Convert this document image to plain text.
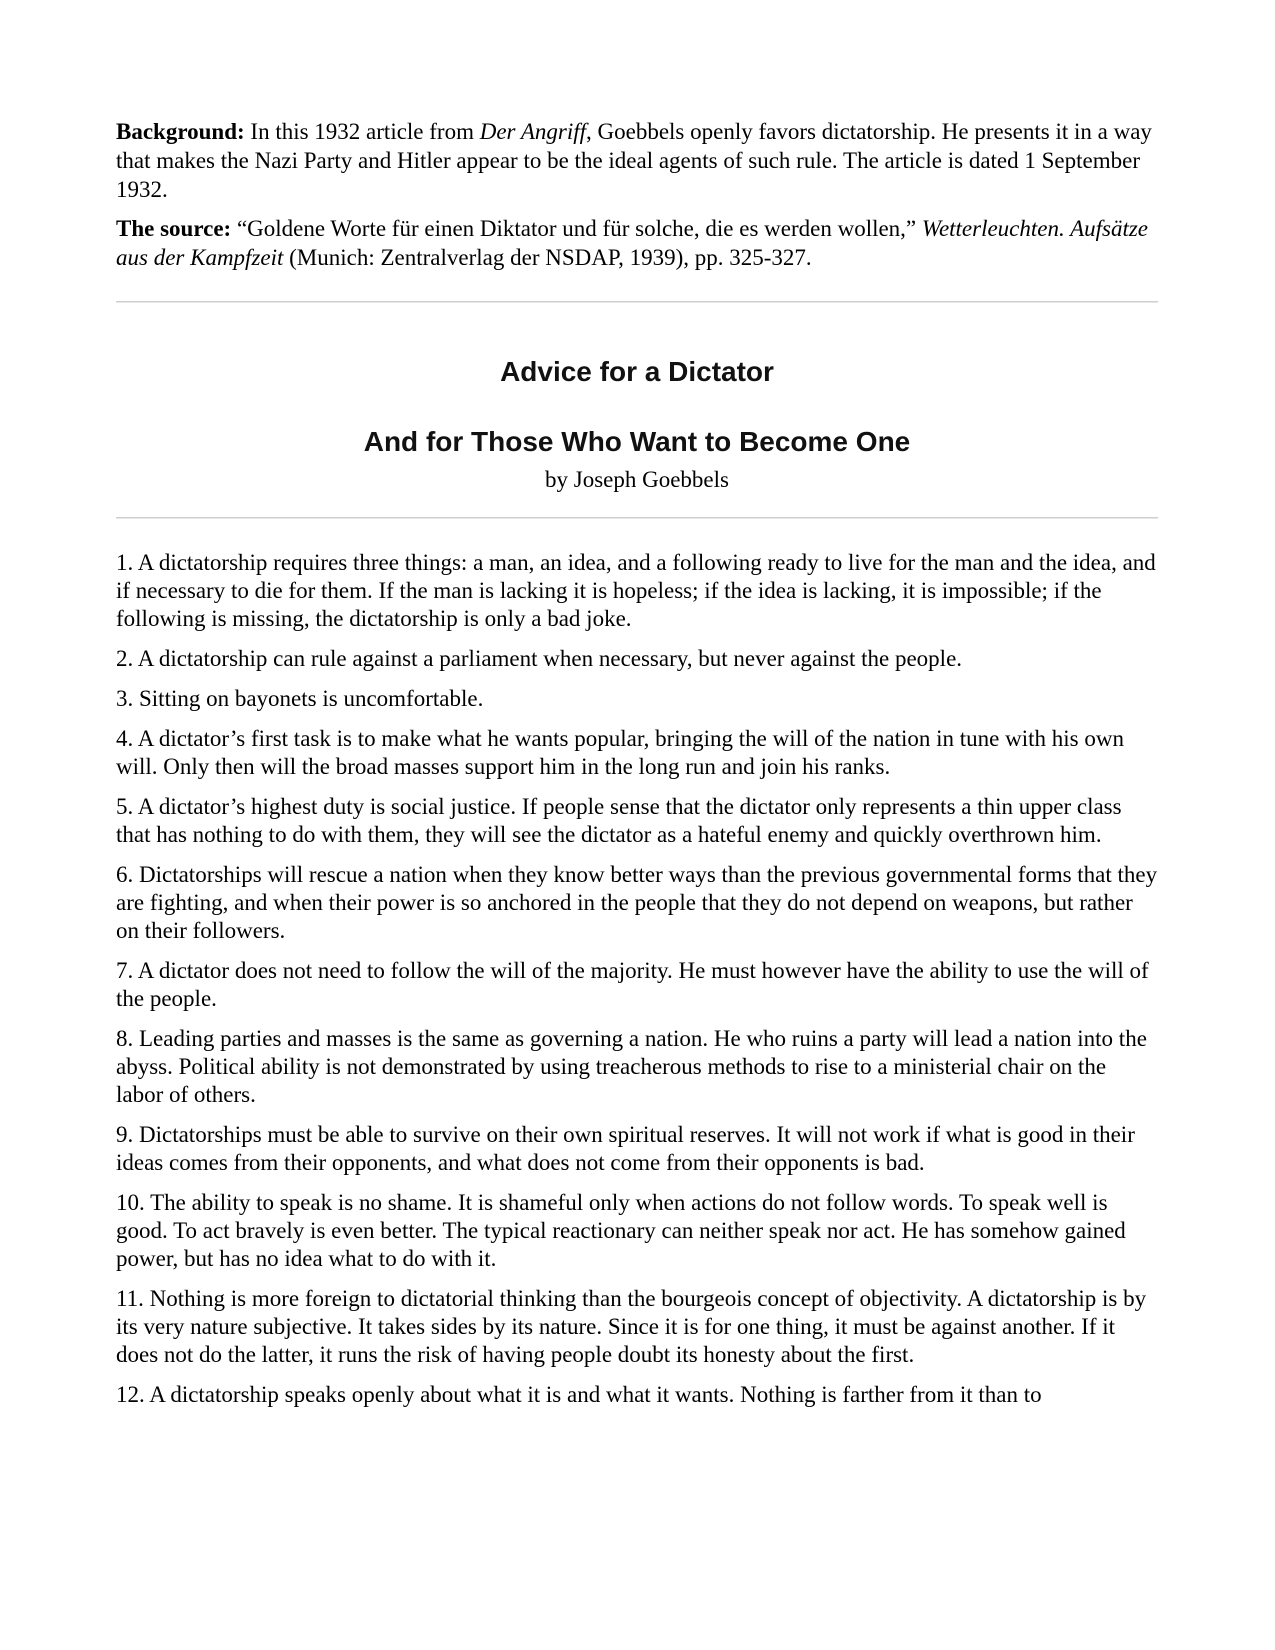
Background: In this 1932 article from Der Angriff, Goebbels openly favors dictatorship. He presents it in a way that makes the Nazi Party and Hitler appear to be the ideal agents of such rule. The article is dated 1 September 1932.

The source: “Goldene Worte für einen Diktator und für solche, die es werden wollen,” Wetterleuchten. Aufsätze aus der Kampfzeit (Munich: Zentralverlag der NSDAP, 1939), pp. 325-327.

Advice for a Dictator
And for Those Who Want to Become One
by Joseph Goebbels

1. A dictatorship requires three things: a man, an idea, and a following ready to live for the man and the idea, and if necessary to die for them. If the man is lacking it is hopeless; if the idea is lacking, it is impossible; if the following is missing, the dictatorship is only a bad joke.

2. A dictatorship can rule against a parliament when necessary, but never against the people.

3. Sitting on bayonets is uncomfortable.

4. A dictator’s first task is to make what he wants popular, bringing the will of the nation in tune with his own will. Only then will the broad masses support him in the long run and join his ranks.

5. A dictator’s highest duty is social justice. If people sense that the dictator only represents a thin upper class that has nothing to do with them, they will see the dictator as a hateful enemy and quickly overthrown him.

6. Dictatorships will rescue a nation when they know better ways than the previous governmental forms that they are fighting, and when their power is so anchored in the people that they do not depend on weapons, but rather on their followers.

7. A dictator does not need to follow the will of the majority. He must however have the ability to use the will of the people.

8. Leading parties and masses is the same as governing a nation. He who ruins a party will lead a nation into the abyss. Political ability is not demonstrated by using treacherous methods to rise to a ministerial chair on the labor of others.

9. Dictatorships must be able to survive on their own spiritual reserves. It will not work if what is good in their ideas comes from their opponents, and what does not come from their opponents is bad.

10. The ability to speak is no shame. It is shameful only when actions do not follow words. To speak well is good. To act bravely is even better. The typical reactionary can neither speak nor act. He has somehow gained power, but has no idea what to do with it.

11. Nothing is more foreign to dictatorial thinking than the bourgeois concept of objectivity. A dictatorship is by its very nature subjective. It takes sides by its nature. Since it is for one thing, it must be against another. If it does not do the latter, it runs the risk of having people doubt its honesty about the first.

12. A dictatorship speaks openly about what it is and what it wants. Nothing is farther from it than to
